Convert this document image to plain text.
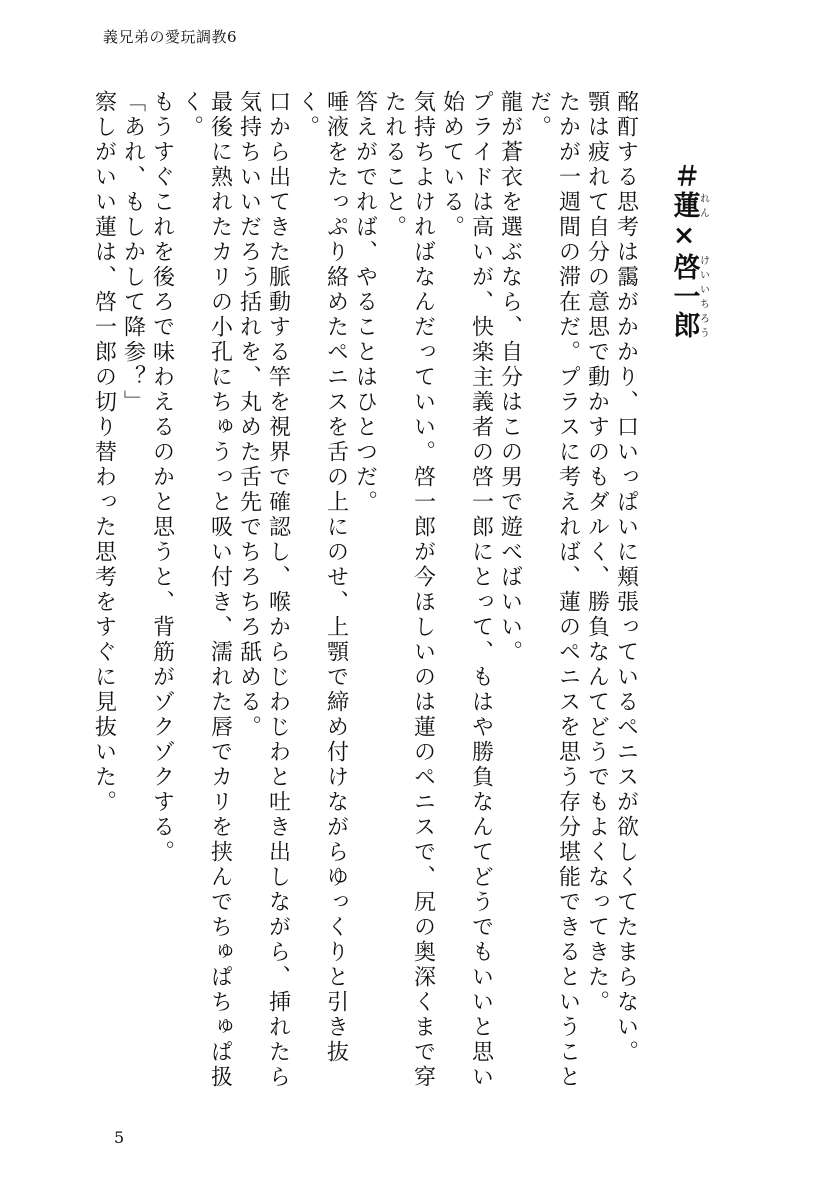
義兄弟の愛玩調教6
＃蓮れん×啓一郎けいいちろう
酩酊する思考は靄がかかり、口いっぱいに頬張っているペニスが欲しくてたまらない。
顎は疲れて自分の意思で動かすのもダルく、勝負なんてどうでもよくなってきた。
たかが一週間の滞在だ。プラスに考えれば、蓮のペニスを思う存分堪能できるということだ。
龍が蒼衣を選ぶなら、自分はこの男で遊べばいい。
プライドは高いが、快楽主義者の啓一郎にとって、もはや勝負なんてどうでもいいと思い始めている。
気持ちよければなんだっていい。啓一郎が今ほしいのは蓮のペニスで、尻の奥深くまで穿たれること。
答えがでれば、やることはひとつだ。
唾液をたっぷり絡めたペニスを舌の上にのせ、上顎で締め付けながらゆっくりと引き抜く。
口から出てきた脈動する竿を視界で確認し、喉からじわじわと吐き出しながら、挿れたら気持ちいいだろう括れを、丸めた舌先でちろちろ舐める。
最後に熟れたカリの小孔にちゅうっと吸い付き、濡れた唇でカリを挟んでちゅぱちゅぱ扱く。
もうすぐこれを後ろで味わえるのかと思うと、背筋がゾクゾクする。
「あれ、もしかして降参？」
察しがいい蓮は、啓一郎の切り替わった思考をすぐに見抜いた。
5
